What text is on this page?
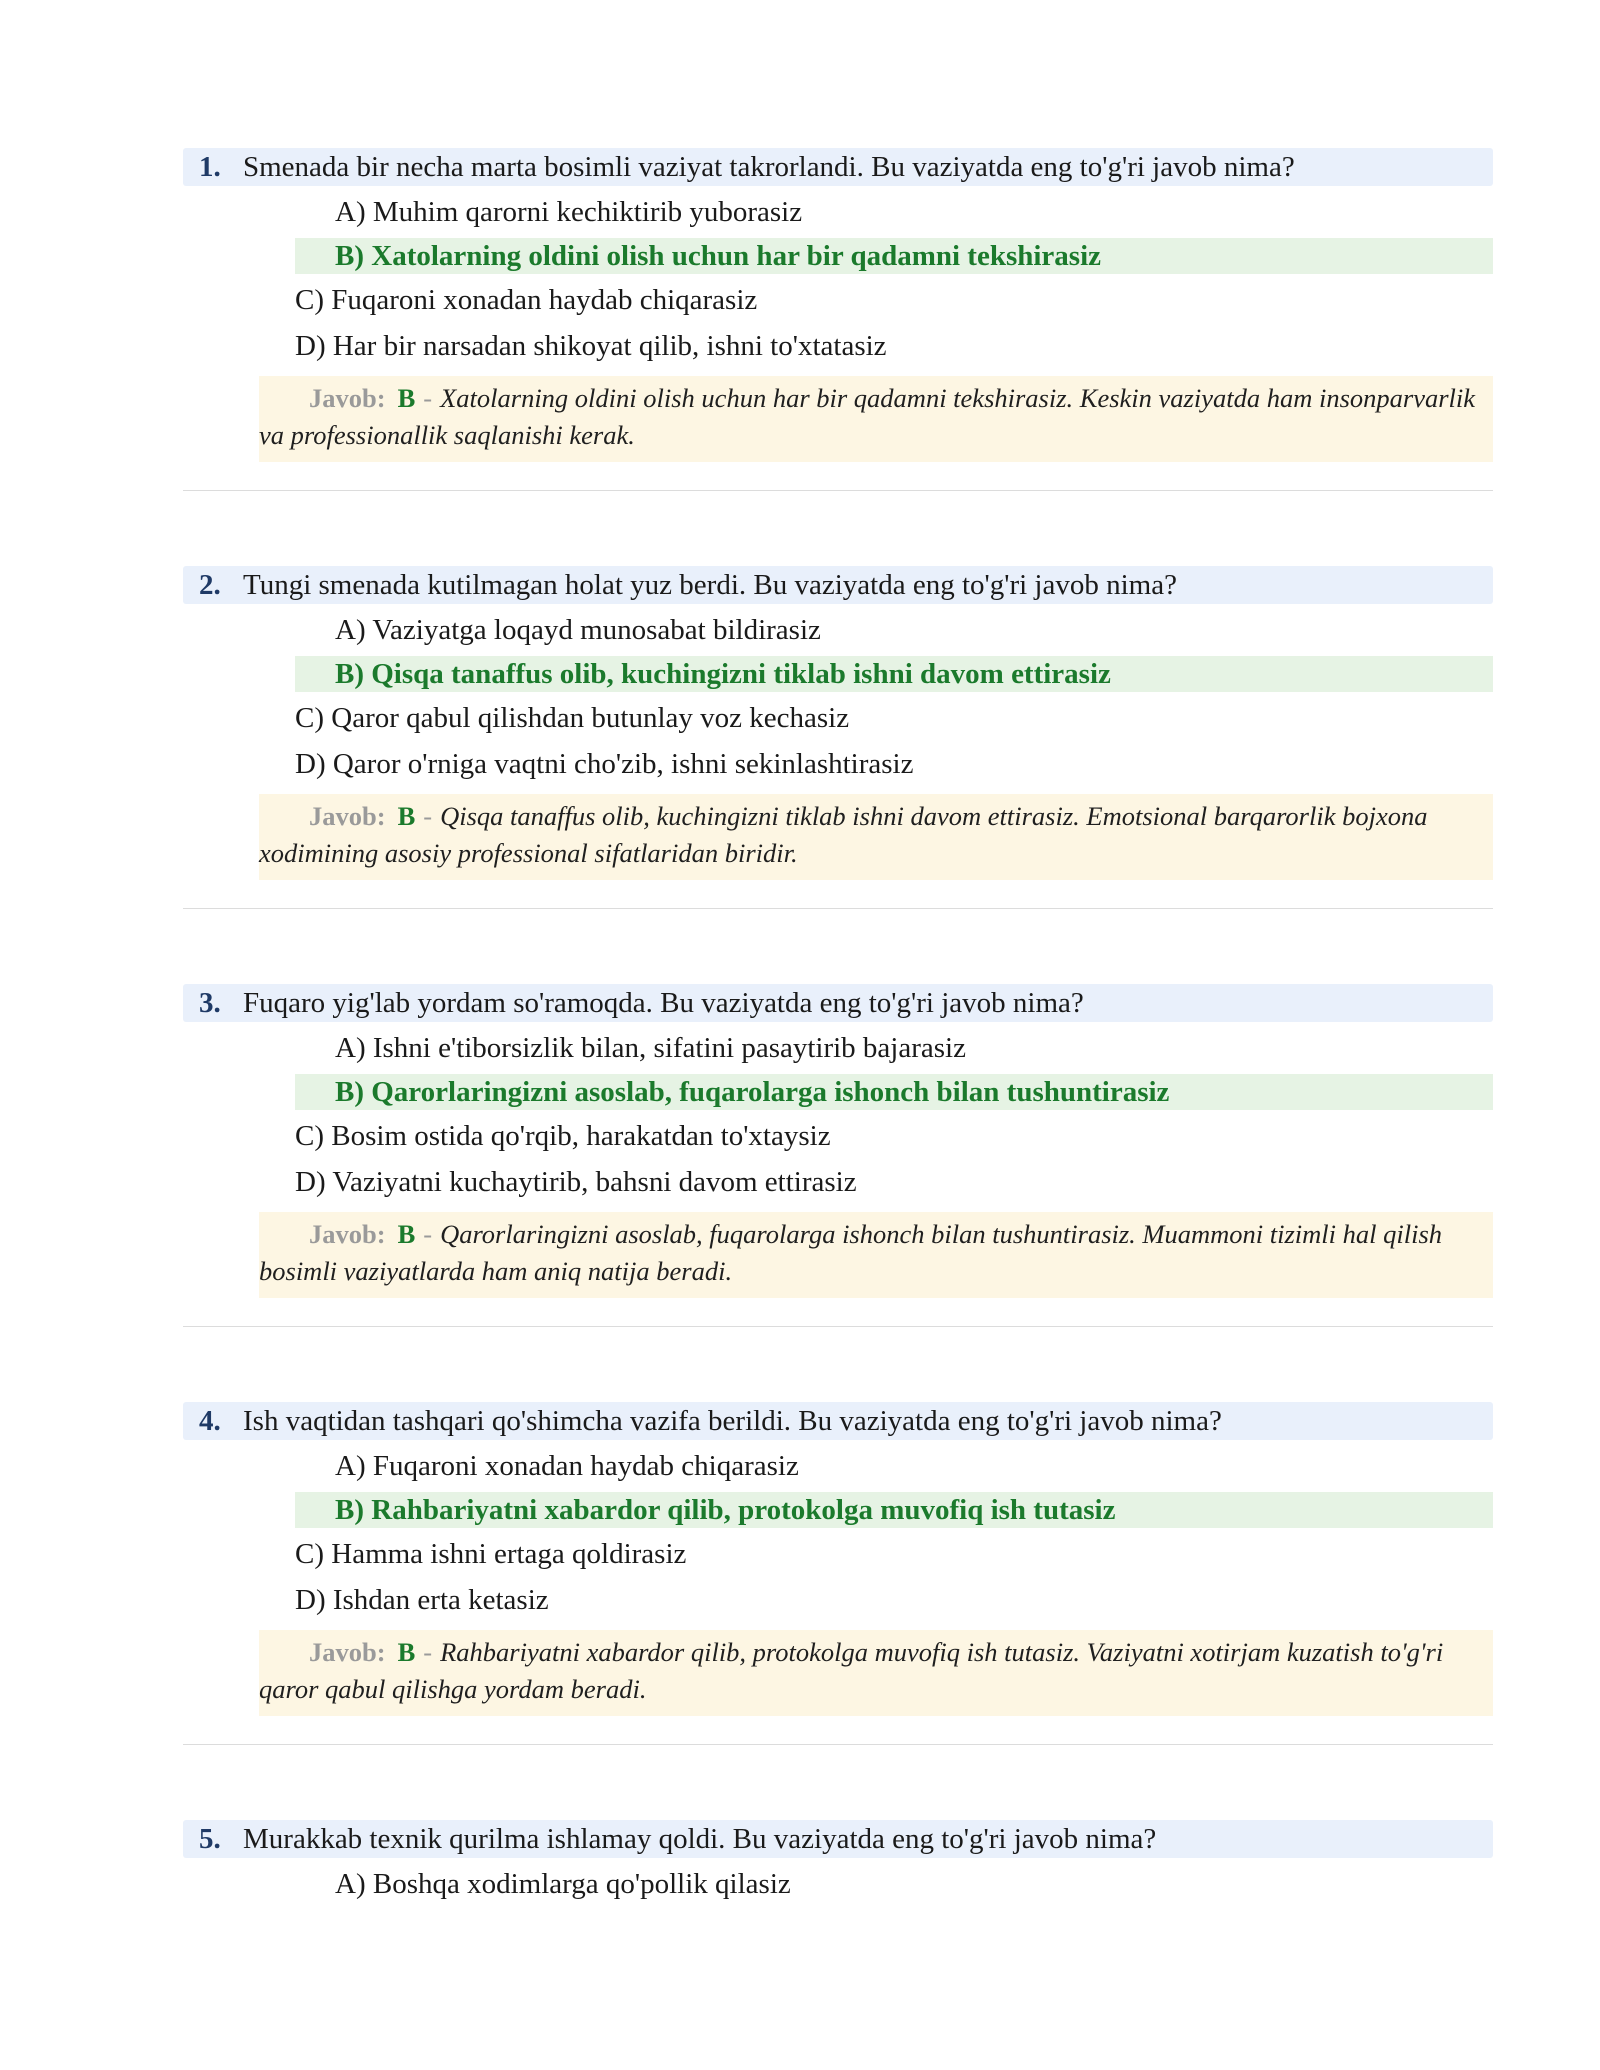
1. Smenada bir necha marta bosimli vaziyat takrorlandi. Bu vaziyatda eng to'g'ri javob nima?
A) Muhim qarorni kechiktirib yuborasiz
B) Xatolarning oldini olish uchun har bir qadamni tekshirasiz
C) Fuqaroni xonadan haydab chiqarasiz
D) Har bir narsadan shikoyat qilib, ishni to'xtatasiz
Javob: B - Xatolarning oldini olish uchun har bir qadamni tekshirasiz. Keskin vaziyatda ham insonparvarlik va professionallik saqlanishi kerak.
2. Tungi smenada kutilmagan holat yuz berdi. Bu vaziyatda eng to'g'ri javob nima?
A) Vaziyatga loqayd munosabat bildirasiz
B) Qisqa tanaffus olib, kuchingizni tiklab ishni davom ettirasiz
C) Qaror qabul qilishdan butunlay voz kechasiz
D) Qaror o'rniga vaqtni cho'zib, ishni sekinlashtirasiz
Javob: B - Qisqa tanaffus olib, kuchingizni tiklab ishni davom ettirasiz. Emotsional barqarorlik bojxona xodimining asosiy professional sifatlaridan biridir.
3. Fuqaro yig'lab yordam so'ramoqda. Bu vaziyatda eng to'g'ri javob nima?
A) Ishni e'tiborsizlik bilan, sifatini pasaytirib bajarasiz
B) Qarorlaringizni asoslab, fuqarolarga ishonch bilan tushuntirasiz
C) Bosim ostida qo'rqib, harakatdan to'xtaysiz
D) Vaziyatni kuchaytirib, bahsni davom ettirasiz
Javob: B - Qarorlaringizni asoslab, fuqarolarga ishonch bilan tushuntirasiz. Muammoni tizimli hal qilish bosimli vaziyatlarda ham aniq natija beradi.
4. Ish vaqtidan tashqari qo'shimcha vazifa berildi. Bu vaziyatda eng to'g'ri javob nima?
A) Fuqaroni xonadan haydab chiqarasiz
B) Rahbariyatni xabardor qilib, protokolga muvofiq ish tutasiz
C) Hamma ishni ertaga qoldirasiz
D) Ishdan erta ketasiz
Javob: B - Rahbariyatni xabardor qilib, protokolga muvofiq ish tutasiz. Vaziyatni xotirjam kuzatish to'g'ri qaror qabul qilishga yordam beradi.
5. Murakkab texnik qurilma ishlamay qoldi. Bu vaziyatda eng to'g'ri javob nima?
A) Boshqa xodimlarga qo'pollik qilasiz
